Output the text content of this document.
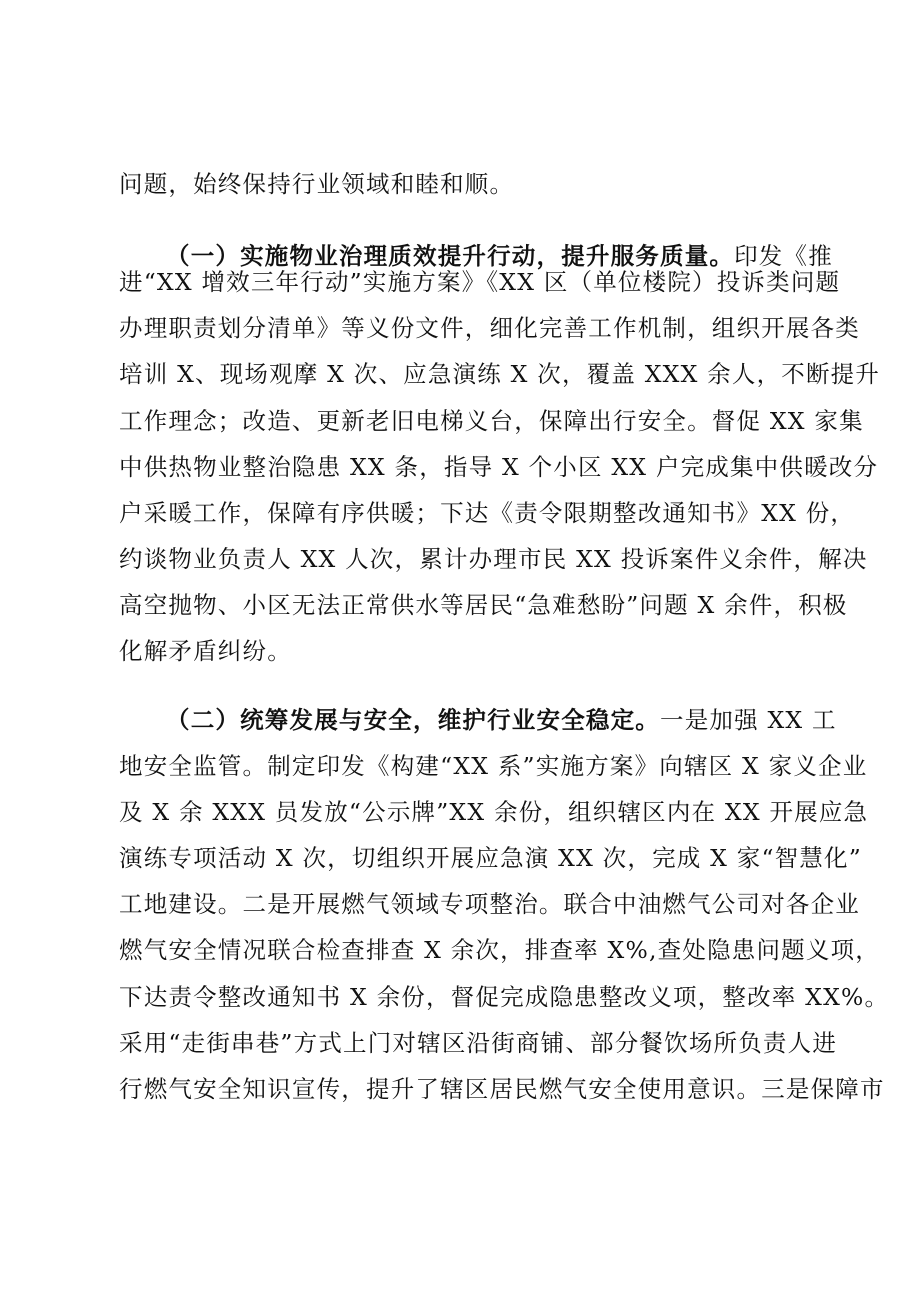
问题，始终保持行业领域和睦和顺。
（一）实施物业治理质效提升行动，提升服务质量。印发《推
进“XX 增效三年行动”实施方案》《XX 区（单位楼院）投诉类问题
办理职责划分清单》等义份文件，细化完善工作机制，组织开展各类
培训 X、现场观摩 X 次、应急演练 X 次，覆盖 XXX 余人，不断提升
工作理念；改造、更新老旧电梯义台，保障出行安全。督促 XX 家集
中供热物业整治隐患 XX 条，指导 X 个小区 XX 户完成集中供暖改分
户采暖工作，保障有序供暖；下达《责令限期整改通知书》XX 份，
约谈物业负责人 XX 人次，累计办理市民 XX 投诉案件义余件，解决
高空抛物、小区无法正常供水等居民“急难愁盼”问题 X 余件，积极
化解矛盾纠纷。
（二）统筹发展与安全，维护行业安全稳定。一是加强 XX 工
地安全监管。制定印发《构建“XX 系”实施方案》向辖区 X 家义企业
及 X 余 XXX 员发放“公示牌”XX 余份，组织辖区内在 XX 开展应急
演练专项活动 X 次，切组织开展应急演 XX 次，完成 X 家“智慧化”
工地建设。二是开展燃气领域专项整治。联合中油燃气公司对各企业
燃气安全情况联合检查排查 X 余次，排查率 X%,查处隐患问题义项，
下达责令整改通知书 X 余份，督促完成隐患整改义项，整改率 XX%。
采用“走街串巷”方式上门对辖区沿街商铺、部分餐饮场所负责人进
行燃气安全知识宣传，提升了辖区居民燃气安全使用意识。三是保障市
